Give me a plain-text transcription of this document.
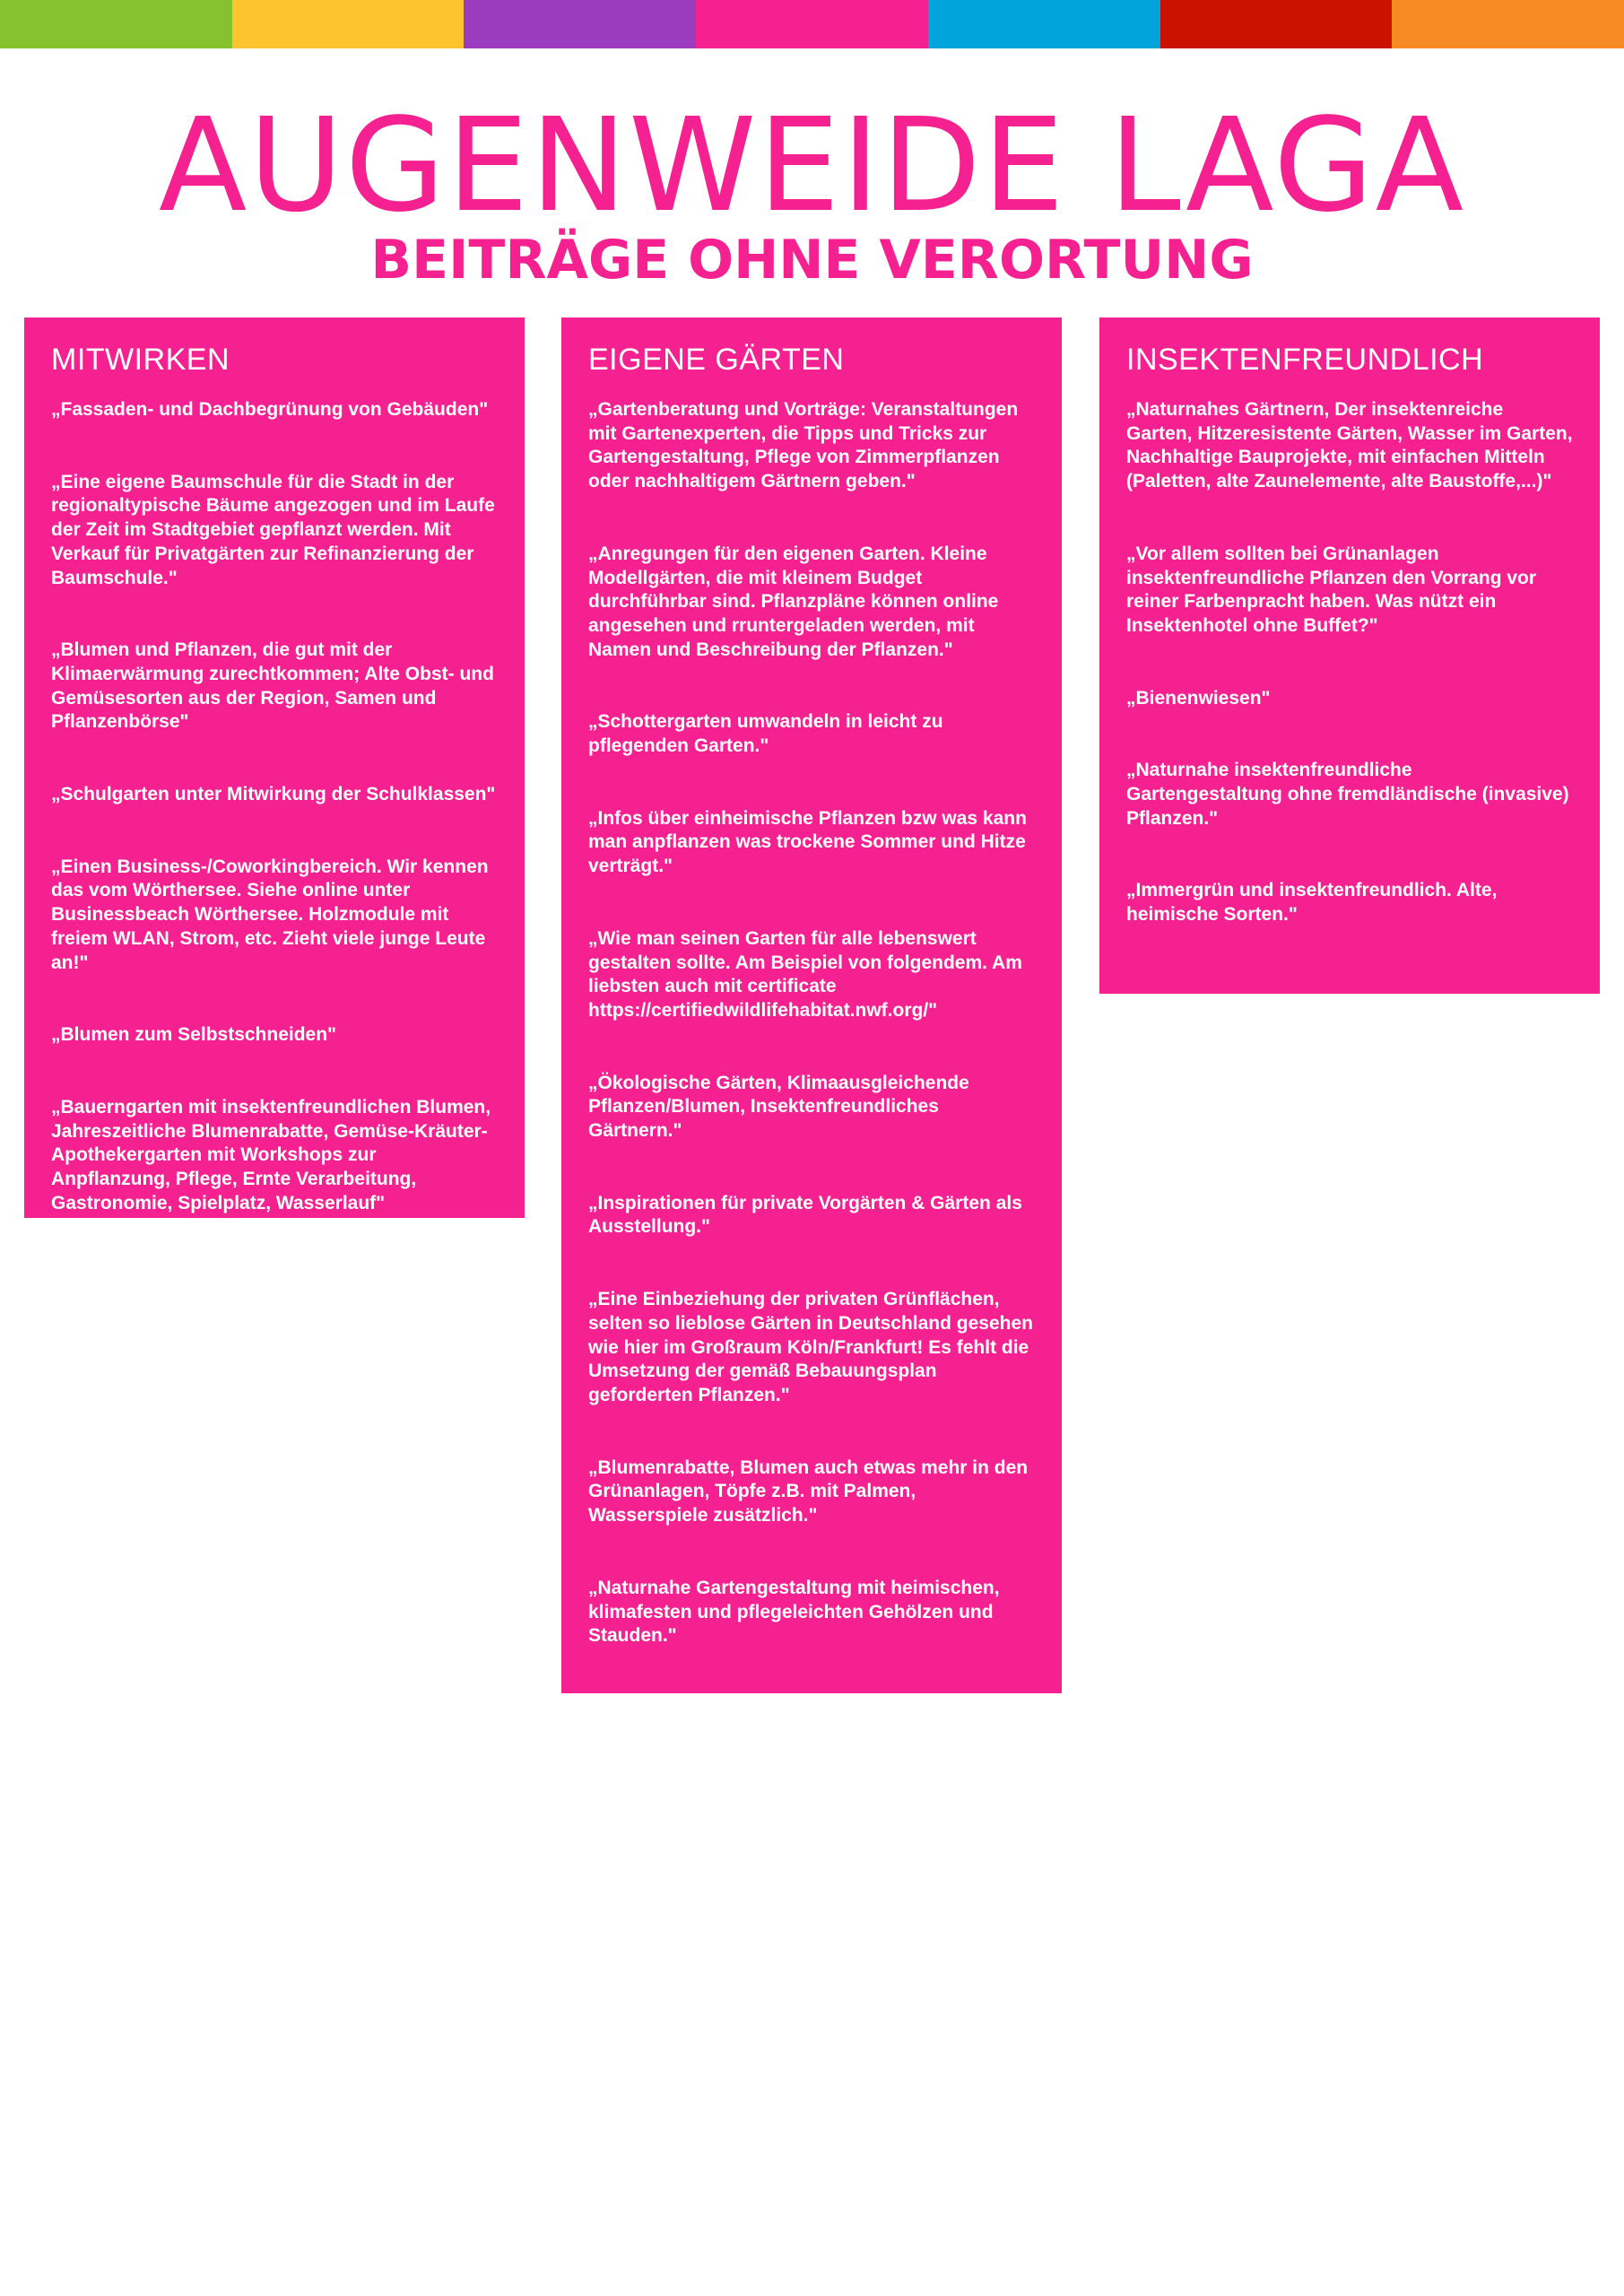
AUGENWEIDE LAGA
BEITRÄGE OHNE VERORTUNG
MITWIRKEN

„Fassaden- und Dachbegrünung von Gebäuden"

„Eine eigene Baumschule für die Stadt in der regionaltypische Bäume angezogen und im Laufe der Zeit im Stadtgebiet gepflanzt werden. Mit Verkauf für Privatgärten zur Refinanzierung der Baumschule."

„Blumen und Pflanzen, die gut mit der Klimaerwärmung zurechtkommen; Alte Obst- und Gemüsesorten aus der Region, Samen und Pflanzenbörse"

„Schulgarten unter Mitwirkung der Schulklassen"

„Einen Business-/Coworkingbereich. Wir kennen das vom Wörthersee. Siehe online unter Businessbeach Wörthersee. Holzmodule mit freiem WLAN, Strom, etc. Zieht viele junge Leute an!"

„Blumen zum Selbstschneiden"

„Bauerngarten mit insektenfreundlichen Blumen, Jahreszeitliche Blumenrabatte, Gemüse-Kräuter-Apothekergarten mit Workshops zur Anpflanzung, Pflege, Ernte Verarbeitung, Gastronomie, Spielplatz, Wasserlauf"

EIGENE GÄRTEN

„Gartenberatung und Vorträge: Veranstaltungen mit Gartenexperten, die Tipps und Tricks zur Gartengestaltung, Pflege von Zimmerpflanzen oder nachhaltigem Gärtnern geben."

„Anregungen für den eigenen Garten. Kleine Modellgärten, die mit kleinem Budget durchführbar sind. Pflanzpläne können online angesehen und rruntergeladen werden, mit Namen und Beschreibung der Pflanzen."

„Schottergarten umwandeln in leicht zu pflegenden Garten."

„Infos über einheimische Pflanzen bzw was kann man anpflanzen was trockene Sommer und Hitze verträgt."

„Wie man seinen Garten für alle lebenswert gestalten sollte. Am Beispiel von folgendem. Am liebsten auch mit certificate https://certifiedwildlifehabitat.nwf.org/"

„Ökologische Gärten, Klimaausgleichende Pflanzen/Blumen, Insektenfreundliches Gärtnern."

„Inspirationen für private Vorgärten & Gärten als Ausstellung."

„Eine Einbeziehung der privaten Grünflächen, selten so lieblose Gärten in Deutschland gesehen wie hier im Großraum Köln/Frankfurt! Es fehlt die Umsetzung der gemäß Bebauungsplan geforderten Pflanzen."

„Blumenrabatte, Blumen auch etwas mehr in den Grünanlagen, Töpfe z.B. mit Palmen, Wasserspiele zusätzlich."

„Naturnahe Gartengestaltung mit heimischen, klimafesten und pflegeleichten Gehölzen und Stauden."

INSEKTENFREUNDLICH

„Naturnahes Gärtnern, Der insektenreiche Garten, Hitzeresistente Gärten, Wasser im Garten, Nachhaltige Bauprojekte, mit einfachen Mitteln (Paletten, alte Zaunelemente, alte Baustoffe,...)"

„Vor allem sollten bei Grünanlagen insektenfreundliche Pflanzen den Vorrang vor reiner Farbenpracht haben. Was nützt ein Insektenhotel ohne Buffet?"

„Bienenwiesen"

„Naturnahe insektenfreundliche Gartengestaltung ohne fremdländische (invasive) Pflanzen."

„Immergrün und insektenfreundlich. Alte, heimische Sorten."
